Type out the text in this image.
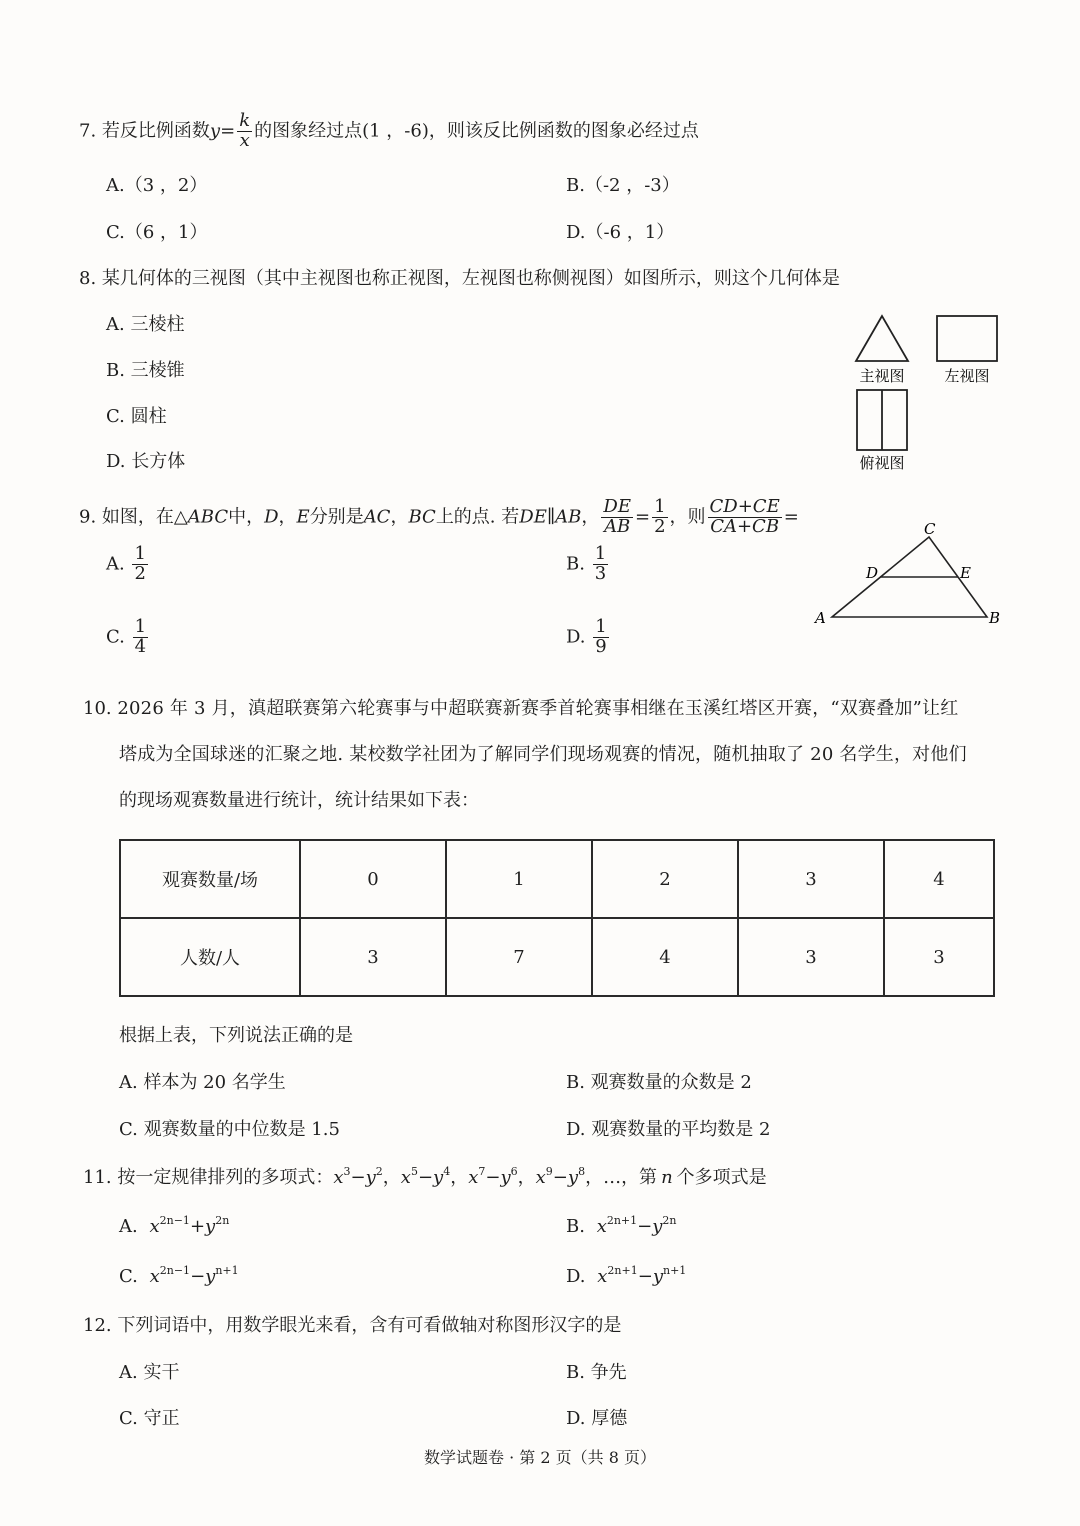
7. 若反比例函数$y= \frac{k}{x}$ 的图象经过点(1 ，-6)，则该反比例函数的图象必经过点
A.（3 ，2）	B.（-2 ，-3）
C.（6 ，1）	D.（-6 ，1）
8. 某几何体的三视图（其中主视图也称正视图，左视图也称侧视图）如图所示，则这个几何体是
A. 三棱柱
B. 三棱锥
C. 圆柱
D. 长方体
主视图	左视图
俯视图
9. 如图，在△ABC中，D，E分别是AC，BC上的点. 若DE∥AB， $\frac{DE}{AB} = \frac{1}{2}$ ，则 $\frac{CD+CE}{CA+CB}$ =
A. $\frac{1}{2}$	B. $\frac{1}{3}$
C. $\frac{1}{4}$	D. $\frac{1}{9}$	A	B
C
D	E
10. 2026 年 3 月，滇超联赛第六轮赛事与中超联赛新赛季首轮赛事相继在玉溪红塔区开赛，“双赛叠加”让红
塔成为全国球迷的汇聚之地. 某校数学社团为了解同学们现场观赛的情况，随机抽取了 20 名学生，对他们
的现场观赛数量进行统计，统计结果如下表：
观赛数量/场	0	1	2	3	4
人数/人	3	7	4	3	3
根据上表，下列说法正确的是
A. 样本为 20 名学生	B. 观赛数量的众数是 2
C. 观赛数量的中位数是 1.5	D. 观赛数量的平均数是 2
11. 按一定规律排列的多项式：$x^3-y^2$，$x^5-y^4$，$x^7-y^6$，$x^9-y^8$，…，第 n 个多项式是
A. $x^{2n-1}+y^{2n}$	B. $x^{2n+1}-y^{2n}$
C. $x^{2n-1}-y^{n+1}$	D. $x^{2n+1}-y^{n+1}$
12. 下列词语中，用数学眼光来看，含有可看做轴对称图形汉字的是
A. 实干	B. 争先
C. 守正	D. 厚德
数学试题卷 · 第 2 页（共 8 页）
